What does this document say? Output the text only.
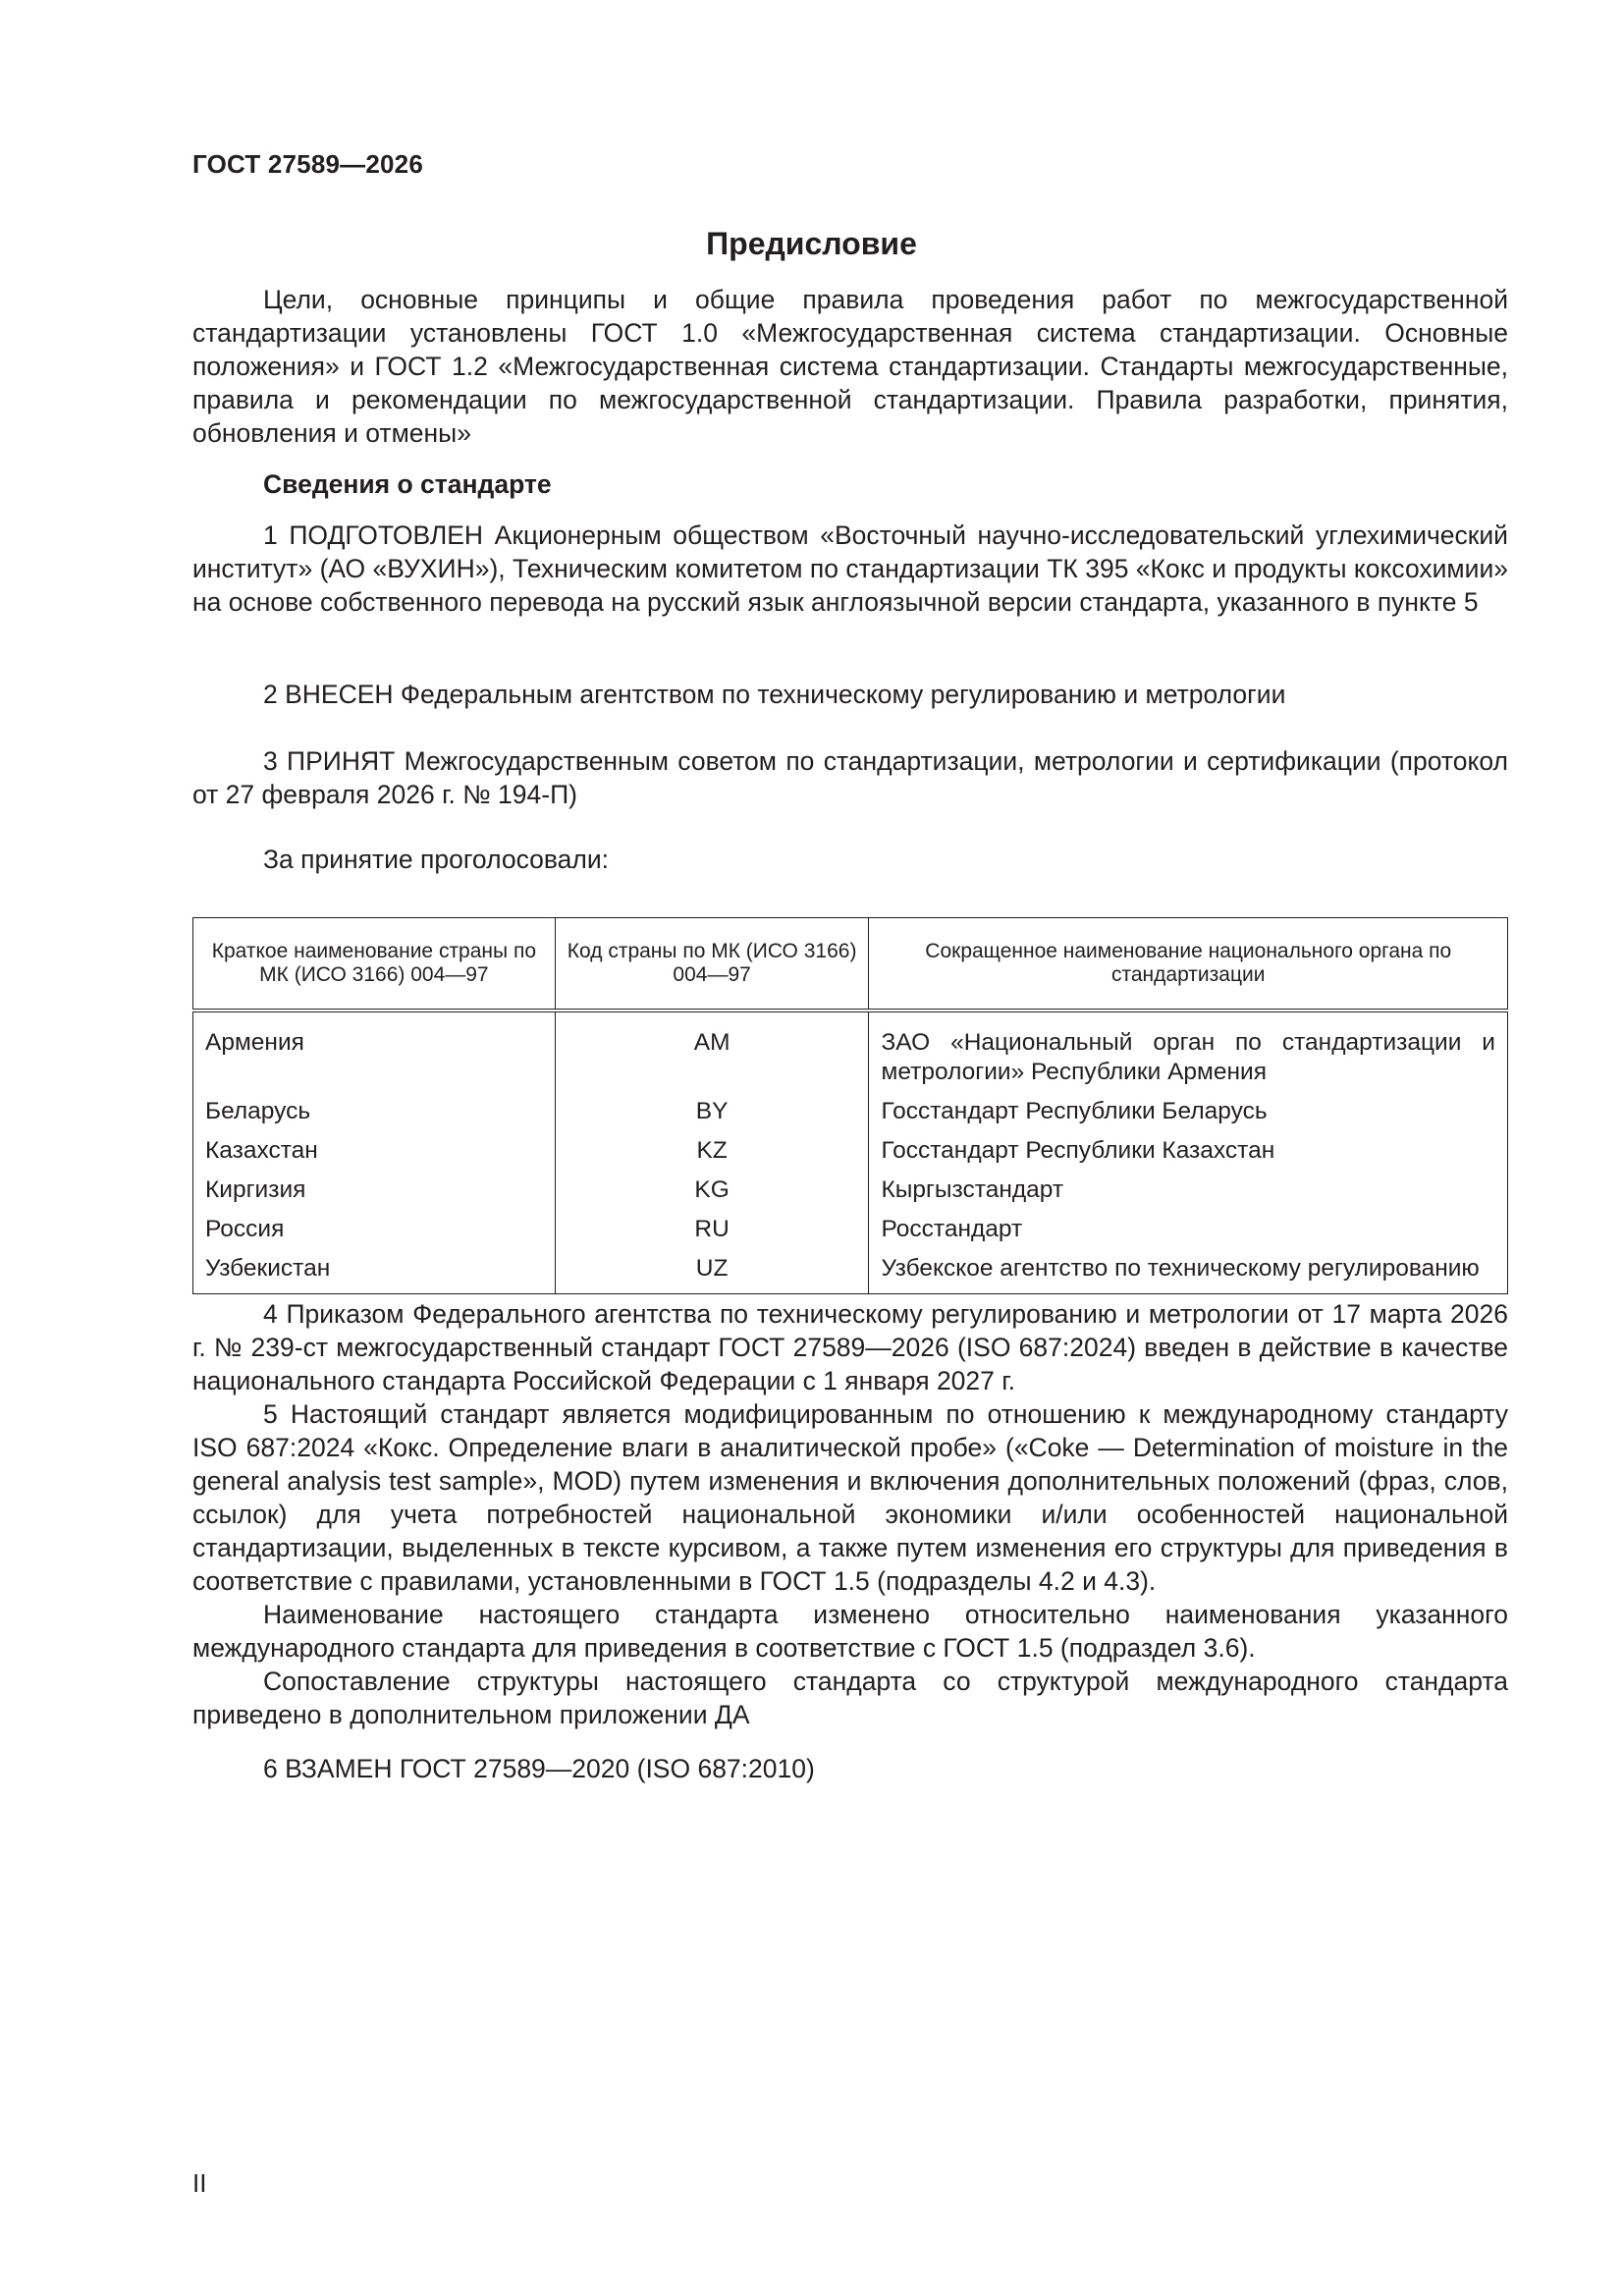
ГОСТ 27589—2026
Предисловие

Цели, основные принципы и общие правила проведения работ по межгосударственной стандартизации установлены ГОСТ 1.0 «Межгосударственная система стандартизации. Основные положения» и ГОСТ 1.2 «Межгосударственная система стандартизации. Стандарты межгосударственные, правила и рекомендации по межгосударственной стандартизации. Правила разработки, принятия, обновления и отмены»

Сведения о стандарте

1 ПОДГОТОВЛЕН Акционерным обществом «Восточный научно-исследовательский углехимический институт» (АО «ВУХИН»), Техническим комитетом по стандартизации ТК 395 «Кокс и продукты коксохимии» на основе собственного перевода на русский язык англоязычной версии стандарта, указанного в пункте 5

2 ВНЕСЕН Федеральным агентством по техническому регулированию и метрологии

3 ПРИНЯТ Межгосударственным советом по стандартизации, метрологии и сертификации (протокол от 27 февраля 2026 г. № 194-П)

За принятие проголосовали:

Краткое наименование страны по МК (ИСО 3166) 004—97	Код страны по МК (ИСО 3166) 004—97	Сокращенное наименование национального органа по стандартизации
Армения	AM	ЗАО «Национальный орган по стандартизации и метрологии» Республики Армения
Беларусь	BY	Госстандарт Республики Беларусь
Казахстан	KZ	Госстандарт Республики Казахстан
Киргизия	KG	Кыргызстандарт
Россия	RU	Росстандарт
Узбекистан	UZ	Узбекское агентство по техническому регулированию

4 Приказом Федерального агентства по техническому регулированию и метрологии от 17 марта 2026 г. № 239-ст межгосударственный стандарт ГОСТ 27589—2026 (ISO 687:2024) введен в действие в качестве национального стандарта Российской Федерации с 1 января 2027 г.

5 Настоящий стандарт является модифицированным по отношению к международному стандарту ISO 687:2024 «Кокс. Определение влаги в аналитической пробе» («Coke — Determination of moisture in the general analysis test sample», MOD) путем изменения и включения дополнительных положений (фраз, слов, ссылок) для учета потребностей национальной экономики и/или особенностей национальной стандартизации, выделенных в тексте курсивом, а также путем изменения его структуры для приведения в соответствие с правилами, установленными в ГОСТ 1.5 (подразделы 4.2 и 4.3).

Наименование настоящего стандарта изменено относительно наименования указанного международного стандарта для приведения в соответствие с ГОСТ 1.5 (подраздел 3.6).

Сопоставление структуры настоящего стандарта со структурой международного стандарта приведено в дополнительном приложении ДА

6 ВЗАМЕН ГОСТ 27589—2020 (ISO 687:2010)

II
